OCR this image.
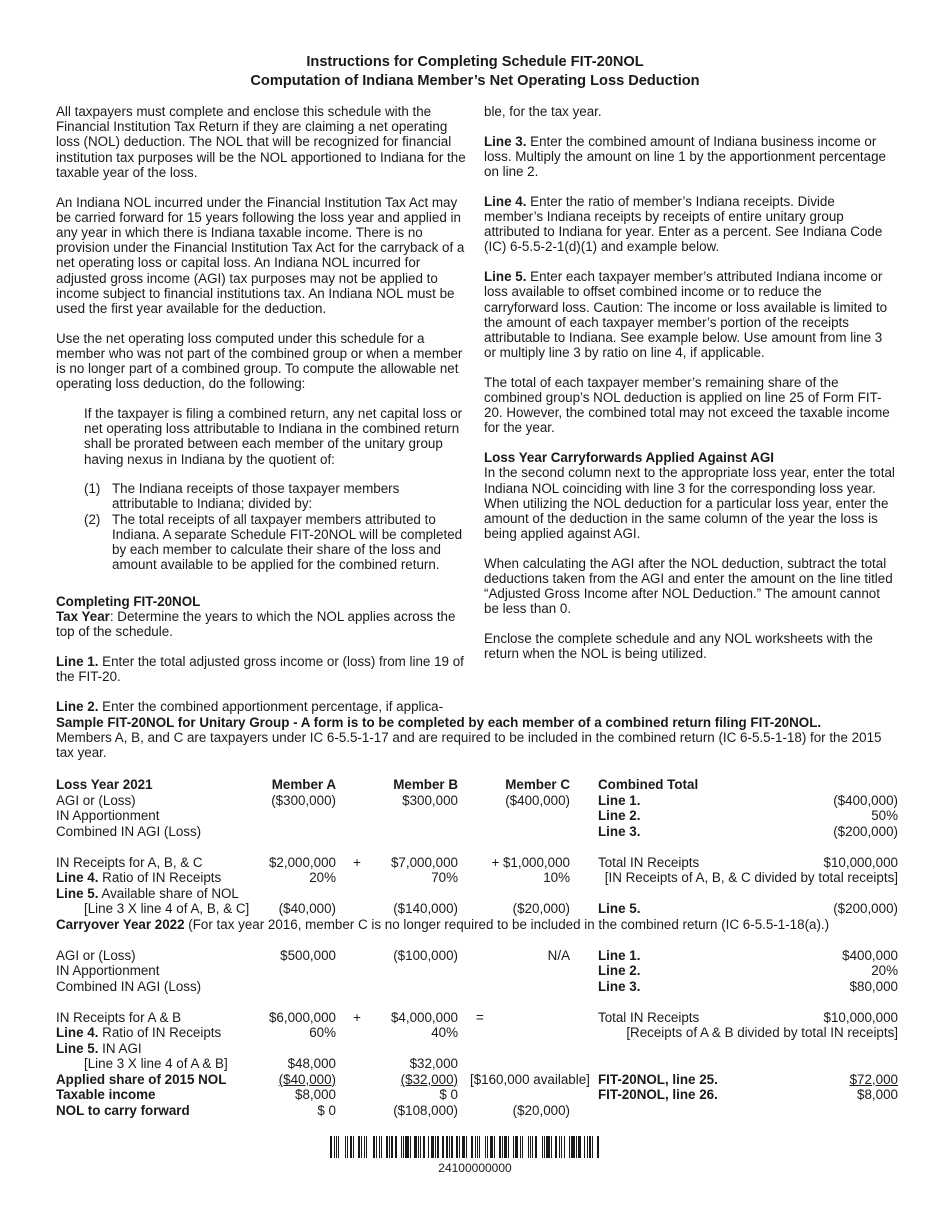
Instructions for Completing Schedule FIT-20NOL
Computation of Indiana Member’s Net Operating Loss Deduction

All taxpayers must complete and enclose this schedule with the Financial Institution Tax Return if they are claiming a net operating loss (NOL) deduction. The NOL that will be recognized for financial institution tax purposes will be the NOL apportioned to Indiana for the taxable year of the loss.

An Indiana NOL incurred under the Financial Institution Tax Act may be carried forward for 15 years following the loss year and applied in any year in which there is Indiana taxable income. There is no provision under the Financial Institution Tax Act for the carryback of a net operating loss or capital loss. An Indiana NOL incurred for adjusted gross income (AGI) tax purposes may not be applied to income subject to financial institutions tax. An Indiana NOL must be used the first year available for the deduction.

Use the net operating loss computed under this schedule for a member who was not part of the combined group or when a member is no longer part of a combined group. To compute the allowable net operating loss deduction, do the following:

If the taxpayer is filing a combined return, any net capital loss or net operating loss attributable to Indiana in the combined return shall be prorated between each member of the unitary group having nexus in Indiana by the quotient of:

(1) The Indiana receipts of those taxpayer members attributable to Indiana; divided by:
(2) The total receipts of all taxpayer members attributed to Indiana. A separate Schedule FIT-20NOL will be completed by each member to calculate their share of the loss and amount available to be applied for the combined return.
Completing FIT-20NOL

Tax Year: Determine the years to which the NOL applies across the top of the schedule.

Line 1. Enter the total adjusted gross income or (loss) from line 19 of the FIT-20.

Line 2. Enter the combined apportionment percentage, if applica-

ble, for the tax year.

Line 3. Enter the combined amount of Indiana business income or loss. Multiply the amount on line 1 by the apportionment percentage on line 2.

Line 4. Enter the ratio of member’s Indiana receipts. Divide member’s Indiana receipts by receipts of entire unitary group attributed to Indiana for year. Enter as a percent. See Indiana Code (IC) 6-5.5-2-1(d)(1) and example below.

Line 5. Enter each taxpayer member’s attributed Indiana income or loss available to offset combined income or to reduce the carryforward loss. Caution: The income or loss available is limited to the amount of each taxpayer member’s portion of the receipts attributable to Indiana. See example below. Use amount from line 3 or multiply line 3 by ratio on line 4, if applicable.

The total of each taxpayer member’s remaining share of the combined group’s NOL deduction is applied on line 25 of Form FIT-20. However, the combined total may not exceed the taxable income for the year.

Loss Year Carryforwards Applied Against AGI

In the second column next to the appropriate loss year, enter the total Indiana NOL coinciding with line 3 for the corresponding loss year. When utilizing the NOL deduction for a particular loss year, enter the amount of the deduction in the same column of the year the loss is being applied against AGI.

When calculating the AGI after the NOL deduction, subtract the total deductions taken from the AGI and enter the amount on the line titled “Adjusted Gross Income after NOL Deduction.” The amount cannot be less than 0.

Enclose the complete schedule and any NOL worksheets with the return when the NOL is being utilized.

Sample FIT-20NOL for Unitary Group - A form is to be completed by each member of a combined return filing FIT-20NOL.
Members A, B, and C are taxpayers under IC 6-5.5-1-17 and are required to be included in the combined return (IC 6-5.5-1-18) for the 2015 tax year.
Loss Year 2021	Member A		Member B		Member C		Combined Total	
AGI or (Loss)	($300,000)		$300,000		($400,000)		Line 1.	($400,000)
IN Apportionment							Line 2.	50%
Combined IN AGI (Loss)							Line 3.	($200,000)

IN Receipts for A, B, & C	$2,000,000	+	$7,000,000		+ $1,000,000		Total IN Receipts	$10,000,000
Line 4. Ratio of IN Receipts	20%		70%		10%		[IN Receipts of A, B, & C divided by total receipts]	
Line 5. Available share of NOL								
[Line 3 X line 4 of A, B, & C]	($40,000)		($140,000)		($20,000)		Line 5.	($200,000)
Carryover Year 2022 (For tax year 2016, member C is no longer required to be included in the combined return (IC 6-5.5-1-18(a).)								

AGI or (Loss)	$500,000		($100,000)		N/A		Line 1.	$400,000
IN Apportionment							Line 2.	20%
Combined IN AGI (Loss)							Line 3.	$80,000

IN Receipts for A & B	$6,000,000	+	$4,000,000		=		Total IN Receipts	$10,000,000
Line 4. Ratio of IN Receipts	60%		40%				[Receipts of A & B divided by total IN receipts]	
Line 5. IN AGI								
[Line 3 X line 4 of A & B]	$48,000		$32,000					
Applied share of 2015 NOL	($40,000)		($32,000)		[$160,000 available]		FIT-20NOL, line 25.	$72,000
Taxable income	$8,000		$ 0				FIT-20NOL, line 26.	$8,000
NOL to carry forward	$ 0		($108,000)		($20,000)			
24100000000
